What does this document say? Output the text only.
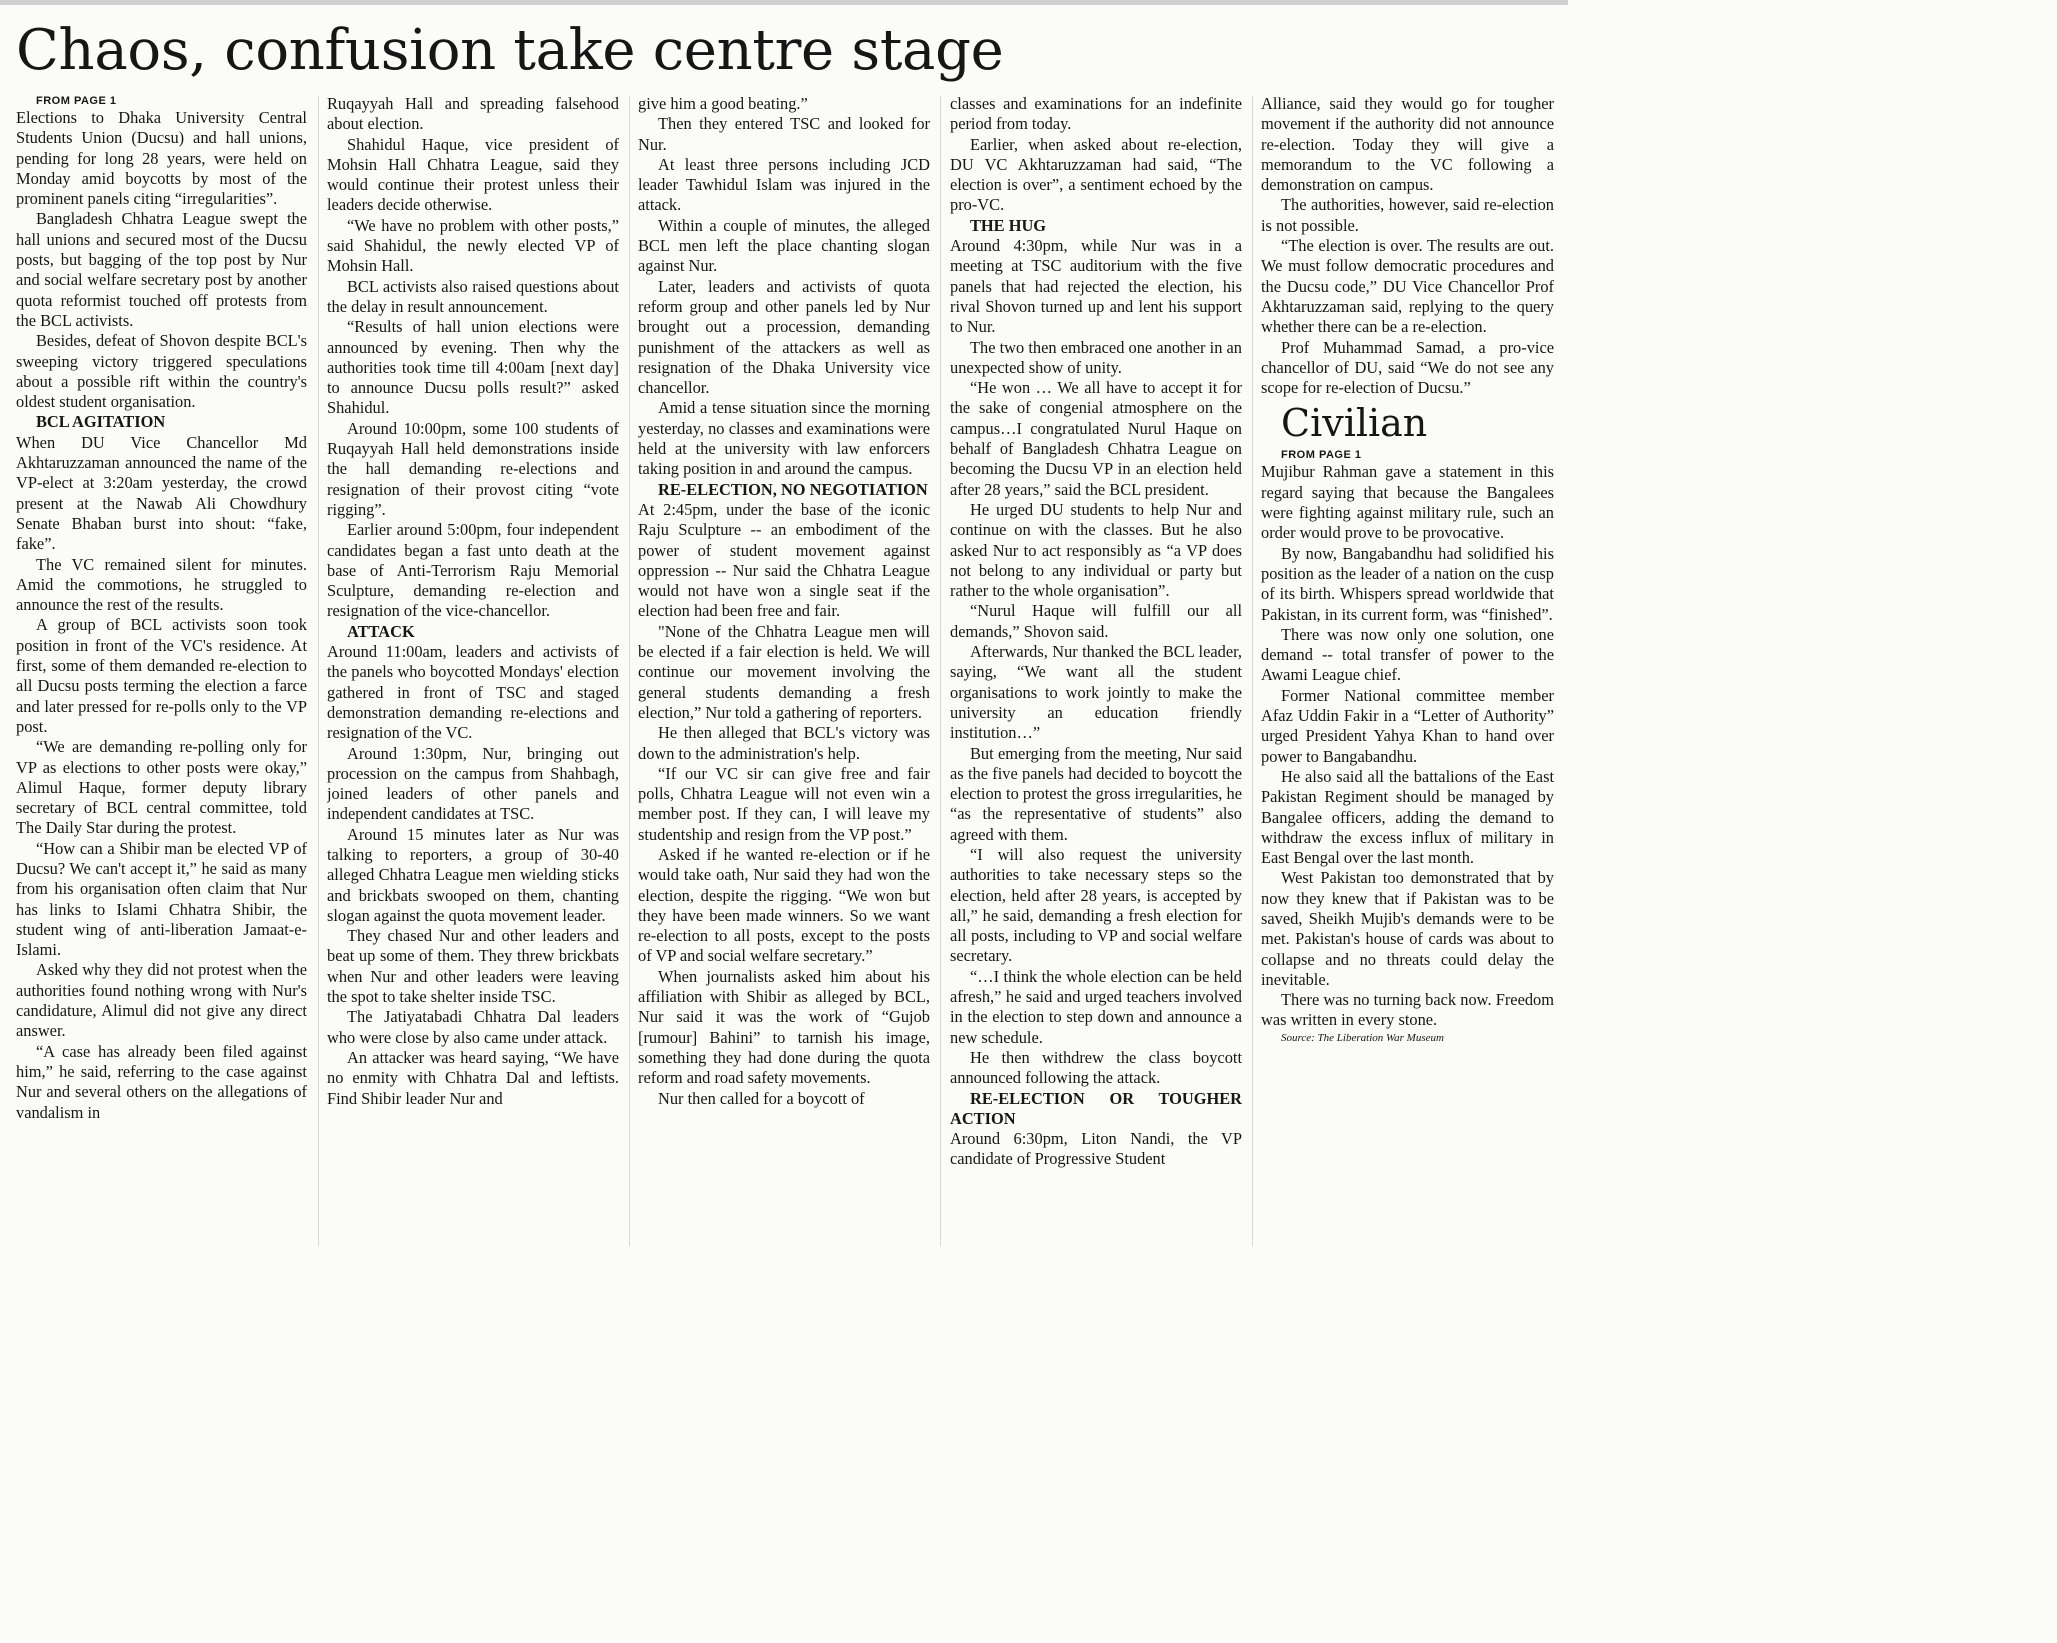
Chaos, confusion take centre stage

FROM PAGE 1

Elections to Dhaka University Central Students Union (Ducsu) and hall unions, pending for long 28 years, were held on Monday amid boycotts by most of the prominent panels citing “irregularities”.

Bangladesh Chhatra League swept the hall unions and secured most of the Ducsu posts, but bagging of the top post by Nur and social welfare secretary post by another quota reformist touched off protests from the BCL activists.

Besides, defeat of Shovon despite BCL's sweeping victory triggered speculations about a possible rift within the country's oldest student organisation.

BCL AGITATION

When DU Vice Chancellor Md Akhtaruzzaman announced the name of the VP-elect at 3:20am yesterday, the crowd present at the Nawab Ali Chowdhury Senate Bhaban burst into shout: “fake, fake”.

The VC remained silent for minutes. Amid the commotions, he struggled to announce the rest of the results.

A group of BCL activists soon took position in front of the VC's residence. At first, some of them demanded re-election to all Ducsu posts terming the election a farce and later pressed for re-polls only to the VP post.

“We are demanding re-polling only for VP as elections to other posts were okay,” Alimul Haque, former deputy library secretary of BCL central committee, told The Daily Star during the protest.

“How can a Shibir man be elected VP of Ducsu? We can't accept it,” he said as many from his organisation often claim that Nur has links to Islami Chhatra Shibir, the student wing of anti-liberation Jamaat-e-Islami.

Asked why they did not protest when the authorities found nothing wrong with Nur's candidature, Alimul did not give any direct answer.

“A case has already been filed against him,” he said, referring to the case against Nur and several others on the allegations of vandalism in

Ruqayyah Hall and spreading falsehood about election.

Shahidul Haque, vice president of Mohsin Hall Chhatra League, said they would continue their protest unless their leaders decide otherwise.

“We have no problem with other posts,” said Shahidul, the newly elected VP of Mohsin Hall.

BCL activists also raised questions about the delay in result announcement.

“Results of hall union elections were announced by evening. Then why the authorities took time till 4:00am [next day] to announce Ducsu polls result?” asked Shahidul.

Around 10:00pm, some 100 students of Ruqayyah Hall held demonstrations inside the hall demanding re-elections and resignation of their provost citing “vote rigging”.

Earlier around 5:00pm, four independent candidates began a fast unto death at the base of Anti-Terrorism Raju Memorial Sculpture, demanding re-election and resignation of the vice-chancellor.

ATTACK

Around 11:00am, leaders and activists of the panels who boycotted Mondays' election gathered in front of TSC and staged demonstration demanding re-elections and resignation of the VC.

Around 1:30pm, Nur, bringing out procession on the campus from Shahbagh, joined leaders of other panels and independent candidates at TSC.

Around 15 minutes later as Nur was talking to reporters, a group of 30-40 alleged Chhatra League men wielding sticks and brickbats swooped on them, chanting slogan against the quota movement leader.

They chased Nur and other leaders and beat up some of them. They threw brickbats when Nur and other leaders were leaving the spot to take shelter inside TSC.

The Jatiyatabadi Chhatra Dal leaders who were close by also came under attack.

An attacker was heard saying, “We have no enmity with Chhatra Dal and leftists. Find Shibir leader Nur and

give him a good beating.”

Then they entered TSC and looked for Nur.

At least three persons including JCD leader Tawhidul Islam was injured in the attack.

Within a couple of minutes, the alleged BCL men left the place chanting slogan against Nur.

Later, leaders and activists of quota reform group and other panels led by Nur brought out a procession, demanding punishment of the attackers as well as resignation of the Dhaka University vice chancellor.

Amid a tense situation since the morning yesterday, no classes and examinations were held at the university with law enforcers taking position in and around the campus.

RE-ELECTION, NO NEGOTIATION

At 2:45pm, under the base of the iconic Raju Sculpture -- an embodiment of the power of student movement against oppression -- Nur said the Chhatra League would not have won a single seat if the election had been free and fair.

"None of the Chhatra League men will be elected if a fair election is held. We will continue our movement involving the general students demanding a fresh election,” Nur told a gathering of reporters.

He then alleged that BCL's victory was down to the administration's help.

“If our VC sir can give free and fair polls, Chhatra League will not even win a member post. If they can, I will leave my studentship and resign from the VP post.”

Asked if he wanted re-election or if he would take oath, Nur said they had won the election, despite the rigging. “We won but they have been made winners. So we want re-election to all posts, except to the posts of VP and social welfare secretary.”

When journalists asked him about his affiliation with Shibir as alleged by BCL, Nur said it was the work of “Gujob [rumour] Bahini” to tarnish his image, something they had done during the quota reform and road safety movements.

Nur then called for a boycott of

classes and examinations for an indefinite period from today.

Earlier, when asked about re-election, DU VC Akhtaruzzaman had said, “The election is over”, a sentiment echoed by the pro-VC.

THE HUG

Around 4:30pm, while Nur was in a meeting at TSC auditorium with the five panels that had rejected the election, his rival Shovon turned up and lent his support to Nur.

The two then embraced one another in an unexpected show of unity.

“He won … We all have to accept it for the sake of congenial atmosphere on the campus…I congratulated Nurul Haque on behalf of Bangladesh Chhatra League on becoming the Ducsu VP in an election held after 28 years,” said the BCL president.

He urged DU students to help Nur and continue on with the classes. But he also asked Nur to act responsibly as “a VP does not belong to any individual or party but rather to the whole organisation”.

“Nurul Haque will fulfill our all demands,” Shovon said.

Afterwards, Nur thanked the BCL leader, saying, “We want all the student organisations to work jointly to make the university an education friendly institution…”

But emerging from the meeting, Nur said as the five panels had decided to boycott the election to protest the gross irregularities, he “as the representative of students” also agreed with them.

“I will also request the university authorities to take necessary steps so the election, held after 28 years, is accepted by all,” he said, demanding a fresh election for all posts, including to VP and social welfare secretary.

“…I think the whole election can be held afresh,” he said and urged teachers involved in the election to step down and announce a new schedule.

He then withdrew the class boycott announced following the attack.

RE-ELECTION OR TOUGHER ACTION

Around 6:30pm, Liton Nandi, the VP candidate of Progressive Student

Alliance, said they would go for tougher movement if the authority did not announce re-election. Today they will give a memorandum to the VC following a demonstration on campus.

The authorities, however, said re-election is not possible.

“The election is over. The results are out. We must follow democratic procedures and the Ducsu code,” DU Vice Chancellor Prof Akhtaruzzaman said, replying to the query whether there can be a re-election.

Prof Muhammad Samad, a pro-vice chancellor of DU, said “We do not see any scope for re-election of Ducsu.”

Civilian

FROM PAGE 1

Mujibur Rahman gave a statement in this regard saying that because the Bangalees were fighting against military rule, such an order would prove to be provocative.

By now, Bangabandhu had solidified his position as the leader of a nation on the cusp of its birth. Whispers spread worldwide that Pakistan, in its current form, was “finished”.

There was now only one solution, one demand -- total transfer of power to the Awami League chief.

Former National committee member Afaz Uddin Fakir in a “Letter of Authority” urged President Yahya Khan to hand over power to Bangabandhu.

He also said all the battalions of the East Pakistan Regiment should be managed by Bangalee officers, adding the demand to withdraw the excess influx of military in East Bengal over the last month.

West Pakistan too demonstrated that by now they knew that if Pakistan was to be saved, Sheikh Mujib's demands were to be met. Pakistan's house of cards was about to collapse and no threats could delay the inevitable.

There was no turning back now. Freedom was written in every stone.

Source: The Liberation War Museum
